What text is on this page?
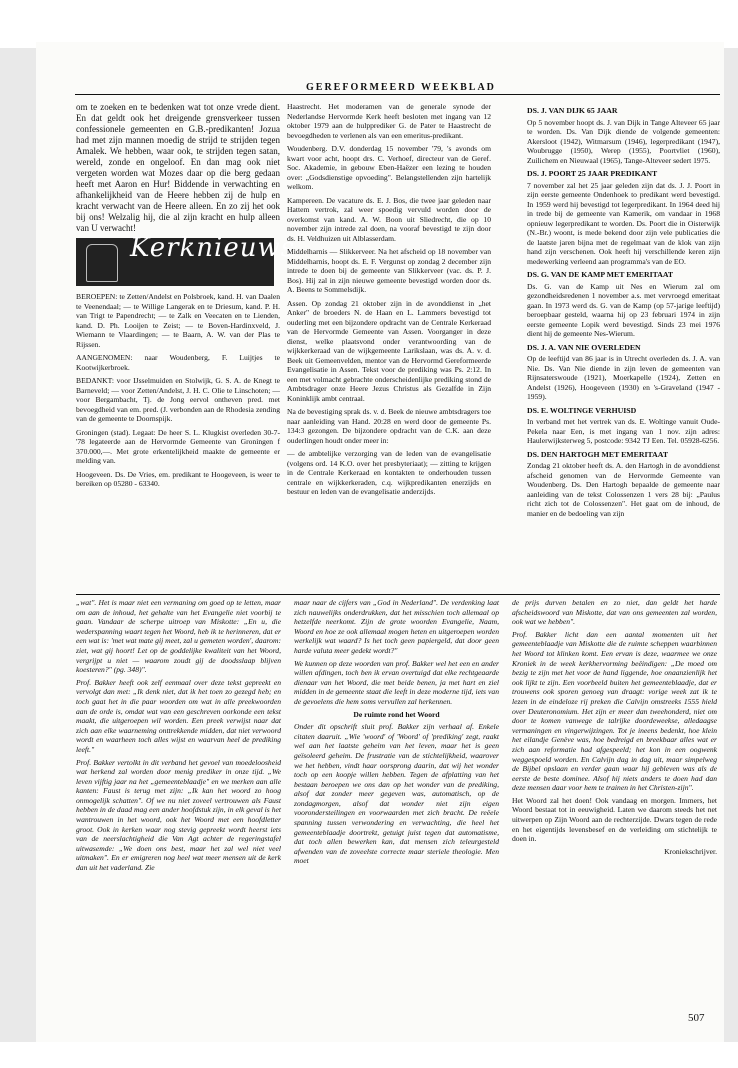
GEREFORMEERD WEEKBLAD

om te zoeken en te bedenken wat tot onze vrede dient. En dat geldt ook het dreigende grensverkeer tussen confessionele gemeenten en G.B.-predikanten! Jozua had met zijn mannen moedig de strijd te strijden tegen Amalek. We hebben, waar ook, te strijden tegen satan, wereld, zonde en ongeloof. En dan mag ook niet vergeten worden wat Mozes daar op die berg gedaan heeft met Aaron en Hur! Biddende in verwachting en afhankelijkheid van de Heere hebben zij de hulp en kracht verwacht van de Heere alleen. En zo zij het ook bij ons! Welzalig hij, die al zijn kracht en hulp alleen van U verwacht!

Kerknieuws

BEROEPEN: te Zetten/Andelst en Polsbroek, kand. H. van Daalen te Veenendaal; — te Willige Langerak en te Driesum, kand. P. H. van Trigt te Papendrecht; — te Zalk en Veecaten en te Lienden, kand. D. Ph. Looijen te Zeist; — te Boven-Hardinxveld, J. Wiemann te Vlaardingen; — te Baarn, A. W. van der Plas te Rijssen.

AANGENOMEN: naar Woudenberg, F. Luijtjes te Kootwijkerbroek.

BEDANKT: voor IJsselmuiden en Stolwijk, G. S. A. de Knegt te Barneveld; — voor Zetten/Andelst, J. H. C. Olie te Linschoten; — voor Bergambacht, Tj. de Jong eervol ontheven pred. met bevoegdheid van em. pred. (J. verbonden aan de Rhodesia zending van de gemeente te Doornspijk.

Groningen (stad). Legaat: De heer S. L. Klugkist overleden 30-7-'78 legateerde aan de Hervormde Gemeente van Groningen f 370.000,—. Met grote erkentelijkheid maakte de gemeente er melding van.

Hoogeveen. Ds. De Vries, em. predikant te Hoogeveen, is weer te bereiken op 05280 - 63340.

Haastrecht. Het moderamen van de generale synode der Nederlandse Hervormde Kerk heeft besloten met ingang van 12 oktober 1979 aan de hulpprediker G. de Pater te Haastrecht de bevoegdheden te verlenen als van een emeritus-predikant.

Woudenberg. D.V. donderdag 15 november '79, 's avonds om kwart voor acht, hoopt drs. C. Verhoef, directeur van de Geref. Soc. Akademie, in gebouw Eben-Haëzer een lezing te houden over: „Godsdienstige opvoeding". Belangstellenden zijn hartelijk welkom.

Kampereen. De vacature ds. E. J. Bos, die twee jaar geleden naar Hattem vertrok, zal weer spoedig vervuld worden door de overkomst van kand. A. W. Boon uit Sliedrecht, die op 10 november zijn intrede zal doen, na vooraf bevestigd te zijn door ds. H. Veldhuizen uit Alblasserdam.

Middelharnis — Slikkerveer. Na het afscheid op 18 november van Middelharnis, hoopt ds. E. F. Vergunst op zondag 2 december zijn intrede te doen bij de gemeente van Slikkerveer (vac. ds. P. J. Bos). Hij zal in zijn nieuwe gemeente bevestigd worden door ds. A. Beens te Sommelsdijk.

Assen. Op zondag 21 oktober zijn in de avonddienst in „het Anker" de broeders N. de Haan en L. Lammers bevestigd tot ouderling met een bijzondere opdracht van de Centrale Kerkeraad van de Hervormde Gemeente van Assen. Voorganger in deze dienst, welke plaatsvond onder verantwoording van de wijkkerkeraad van de wijkgemeente Larikslaan, was ds. A. v. d. Beek uit Gemeenvelden, mentor van de Hervormd Gereformeerde Evangelisatie in Assen. Tekst voor de prediking was Ps. 2:12. In een met volmacht gebrachte onderscheidenlijke prediking stond de Ambtsdrager onze Heere Jezus Christus als Gezalfde in Zijn Koninklijk ambt centraal.

Na de bevestiging sprak ds. v. d. Beek de nieuwe ambtsdragers toe naar aanleiding van Hand. 20:28 en werd door de gemeente Ps. 134:3 gezongen. De bijzondere opdracht van de C.K. aan deze ouderlingen houdt onder meer in:

— de ambtelijke verzorging van de leden van de evangelisatie (volgens ord. 14 K.O. over het presbyteriaat); — zitting te krijgen in de Centrale Kerkeraad en kontakten te onderhouden tussen centrale en wijkkerkeraden, c.q. wijkpredikanten enerzijds en bestuur en leden van de evangelisatie anderzijds.

DS. J. VAN DIJK 65 JAAR

Op 5 november hoopt ds. J. van Dijk in Tange Alteveer 65 jaar te worden. Ds. Van Dijk diende de volgende gemeenten: Akersloot (1942), Witmarsum (1946), legerpredikant (1947), Woubrugge (1950), Werep (1955), Poortvliet (1960), Zuilichem en Nieuwaal (1965), Tange-Alteveer sedert 1975.

DS. J. POORT 25 JAAR PREDIKANT

7 november zal het 25 jaar geleden zijn dat ds. J. J. Poort in zijn eerste gemeente Ondenhoek to predikant werd bevestigd. In 1959 werd hij bevestigd tot legerpredikant. In 1964 deed hij in trede bij de gemeente van Kamerik, om vandaar in 1968 opnieuw legerpredikant te worden. Ds. Poort die in Oisterwijk (N.-Br.) woont, is mede bekend door zijn vele publicaties die de laatste jaren bijna met de regelmaat van de klok van zijn hand zijn verschenen. Ook heeft hij verschillende keren zijn medewerking verleend aan programma's van de EO.

DS. G. VAN DE KAMP MET EMERITAAT

Ds. G. van de Kamp uit Nes en Wierum zal om gezondheidsredenen 1 november a.s. met vervroegd emeritaat gaan. In 1973 werd ds. G. van de Kamp (op 57-jarige leeftijd) beroepbaar gesteld, waarna hij op 23 februari 1974 in zijn eerste gemeente Lopik werd bevestigd. Sinds 23 mei 1976 dient hij de gemeente Nes-Wierum.

DS. J. A. VAN NIE OVERLEDEN

Op de leeftijd van 86 jaar is in Utrecht overleden ds. J. A. van Nie. Ds. Van Nie diende in zijn leven de gemeenten van Rijnsaterswoude (1921), Moerkapelle (1924), Zetten en Andelst (1926), Hoogeveen (1930) en 's-Graveland (1947 - 1959).

DS. E. WOLTINGE VERHUISD

In verband met het vertrek van ds. E. Woltinge vanuit Oude-Pekela naar Een, is met ingang van 1 nov. zijn adres: Haulerwijksterweg 5, postcode: 9342 TJ Een. Tel. 05928-6256.

DS. DEN HARTOGH MET EMERITAAT

Zondag 21 oktober heeft ds. A. den Hartogh in de avonddienst afscheid genomen van de Hervormde Gemeente van Woudenberg. Ds. Den Hartogh bepaalde de gemeente naar aanleiding van de tekst Colossenzen 1 vers 28 bij: „Paulus richt zich tot de Colossenzen". Het gaat om de inhoud, de manier en de bedoeling van zijn

„wat". Het is maar niet een vermaning om goed op te letten, maar om aan de inhoud, het gehalte van het Evangelie niet voorbij te gaan. Vandaar de scherpe uitroep van Miskotte: „En u, die wederspanning waart tegen het Woord, heb ik te herinneren, dat er een wat is: 'met wat mate gij meet, zal u gemeten worden', daarom: ziet, wat gij hoort! Let op de goddelijke kwaliteit van het Woord, vergrijpt u niet — waarom zoudt gij de doodsslaap blijven koesteren?" (pg. 348)".

Prof. Bakker heeft ook zelf eenmaal over deze tekst gepreekt en vervolgt dan met: „Ik denk niet, dat ik het toen zo gezegd heb; en toch gaat het in die paar woorden om wat in alle preekwoorden aan de orde is, omdat wat van een geschreven oorkonde een tekst maakt, die uitgeroepen wil worden. Een preek verwijst naar dat zich aan elke waarneming onttrekkende midden, dat niet verwoord wordt en waarheen toch alles wijst en waarvan heel de prediking leeft."

Prof. Bakker vertolkt in dit verband het gevoel van moedeloosheid wat herkend zal worden door menig prediker in onze tijd. „We leven vijftig jaar na het „gemeenteblaadje" en we merken aan alle kanten: Faust is terug met zijn: „Ik kan het woord zo hoog onmogelijk schatten". Of we nu niet zoveel vertrouwen als Faust hebben in de daad mag een ander hoofdstuk zijn, in elk geval is het wantrouwen in het woord, ook het Woord met een hoofdletter groot. Ook in kerken waar nog stevig gepreekt wordt heerst iets van de neerslachtigheid die Van Agt achter de regeringstafel uitwasemde: „We doen ons best, maar het zal wel niet veel uitmaken". En er emigreren nog heel wat meer mensen uit de kerk dan uit het vaderland. Zie

maar naar de cijfers van „God in Nederland". De verdenking laat zich nauwelijks onderdrukken, dat het misschien toch allemaal op hetzelfde neerkomt. Zijn de grote woorden Evangelie, Naam, Woord en hoe ze ook allemaal mogen heten en uitgeroepen worden werkelijk wat waard? Is het toch geen papiergeld, dat door geen harde valuta meer gedekt wordt?"

We kunnen op deze woorden van prof. Bakker wel het een en ander willen afdingen, toch ben ik ervan overtuigd dat elke rechtgeaarde dienaar van het Woord, die met beide benen, ja met hart en ziel midden in de gemeente staat die leeft in deze moderne tijd, iets van de gevoelens die hem soms vervullen zal herkennen.

De ruimte rond het Woord

Onder dit opschrift sluit prof. Bakker zijn verhaal af. Enkele citaten daaruit. „Wie 'woord' of 'Woord' of 'prediking' zegt, raakt wel aan het laatste geheim van het leven, maar het is geen geïsoleerd geheim. De frustratie van de stichtelijkheid, waarover we het hebben, vindt haar oorsprong daarin, dat wij het wonder toch op een koopje willen hebben. Tegen de afplatting van het bestaan beroepen we ons dan op het wonder van de prediking, alsof dat zonder meer gegeven was, automatisch, op de zondagmorgen, alsof dat wonder niet zijn eigen voorondersteilingen en voorwaarden met zich bracht. De reëele spanning tussen verwondering en verwachting, die heel het gemeenteblaadje doortrekt, getuigt juist tegen dat automatisme, dat toch allen bewerken kan, dat mensen zich teleurgesteld afwenden van de zoveelste correcte maar steriele theologie. Men moet

de prijs durven betalen en zo niet, dan geldt het harde afscheidswoord van Miskotte, dat van ons gemeenten zal worden, ook wat we hebben".

Prof. Bakker licht dan een aantal momenten uit het gemeenteblaadje van Miskotte die de ruimte scheppen waarbinnen het Woord tot klinken komt. Een ervan is deze, waarmee we onze Kroniek in de week kerkhervorming beëindigen: „De moed om bezig te zijn met het voor de hand liggende, hoe onaanzienlijk het ook lijkt te zijn. Een voorbeeld buiten het gemeenteblaadje, dat er trouwens ook sporen genoeg van draagt: vorige week zat ik te lezen in de eindeloze rij preken die Calvijn omstreeks 1555 hield over Deuteronomium. Het zijn er meer dan tweehonderd, niet om door te komen vanwege de talrijke doordeweekse, alledaagse vermaningen en vingerwijzingen. Tot je ineens bedenkt, hoe klein het eilandje Genève was, hoe bedreigd en breekbaar alles wat er zich aan reformatie had afgespeeld; het kon in een oogwenk weggespoeld worden. En Calvijn dag in dag uit, maar simpelweg de Bijbel opslaan en verder gaan waar hij gebleven was als de eerste de beste dominee. Alsof hij niets anders te doen had dan deze mensen daar voor hem te trainen in het Christen-zijn".

Het Woord zal het doen! Ook vandaag en morgen. Immers, het Woord bestaat tot in eeuwigheid. Laten we daarom steeds het net uitwerpen op Zijn Woord aan de rechterzijde. Dwars tegen de rede en het eigentijds levensbesef en de verleiding om stichtelijk te doen in.

Kroniekschrijver.

507
